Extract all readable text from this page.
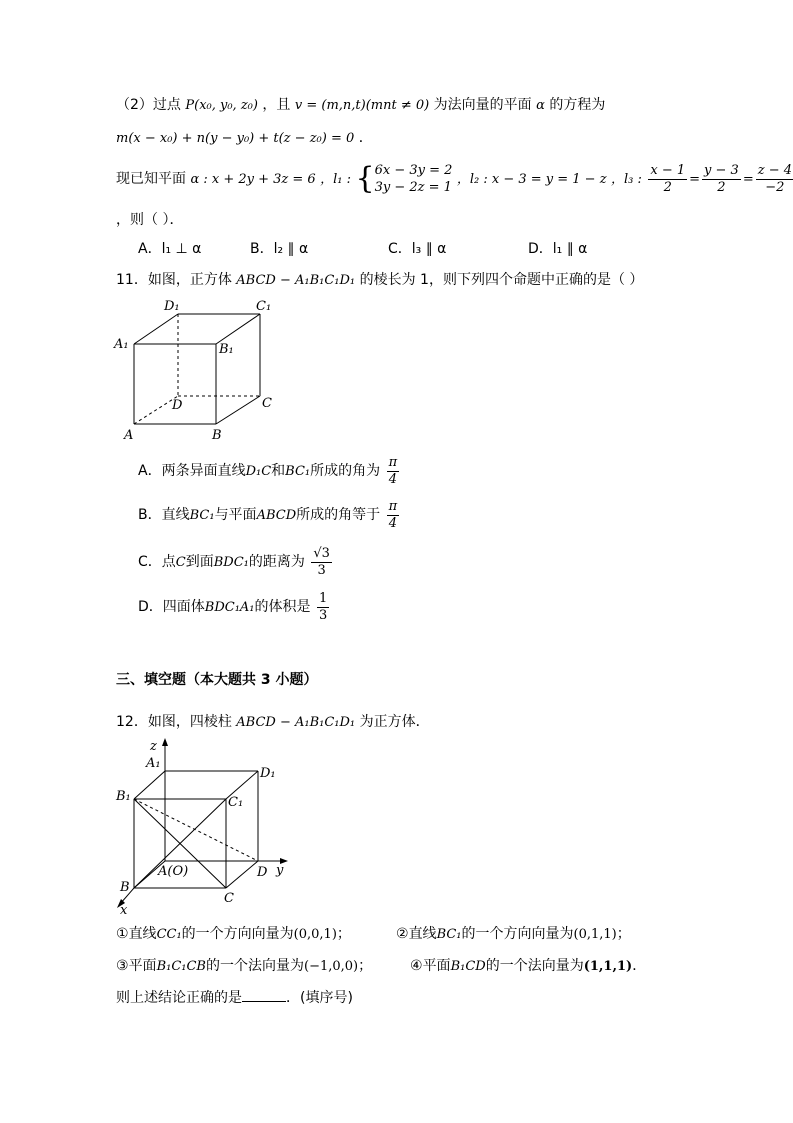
（2）过点 P(x₀, y₀, z₀) ，且 v = (m,n,t)(mnt ≠ 0) 为法向量的平面 α 的方程为
m(x − x₀) + n(y − y₀) + t(z − z₀) = 0 ．
现已知平面 α : x + 2y + 3z = 6 ，l₁ : { 6x − 3y = 2
3y − 2z = 1
，l₂ : x − 3 = y = 1 − z ，l₃ : $\frac{x - 1}{2} = \frac{y - 3}{2} = \frac{z - 4}{-2}$
，则（ ）．
A．l₁ ⊥ α	B．l₂ ∥ α	C．l₃ ∥ α	D．l₁ ∥ α
11．如图，正方体 ABCD − A₁B₁C₁D₁ 的棱长为 1，则下列四个命题中正确的是（ ）
D₁	C₁
A₁	B₁
D	C
A	B
A．两条异面直线D₁C和BC₁所成的角为 $\frac{\pi}{4}$
B．直线BC₁与平面ABCD所成的角等于 $\frac{\pi}{4}$
C．点C到面BDC₁的距离为 $\frac{√3}{3}$
D．四面体BDC₁A₁的体积是 $\frac{1}{3}$
三、填空题（本大题共 3 小题）
12．如图，四棱柱 ABCD − A₁B₁C₁D₁ 为正方体．
z
A₁
D₁
B₁	C₁
A(O)	D y
B
C
x
①直线CC₁的一个方向向量为(0,0,1)；	②直线BC₁的一个方向向量为(0,1,1)；
③平面B₁C₁CB的一个法向量为(−1,0,0)；	④平面B₁CD的一个法向量为(1,1,1)．
则上述结论正确的是	．(填序号)
